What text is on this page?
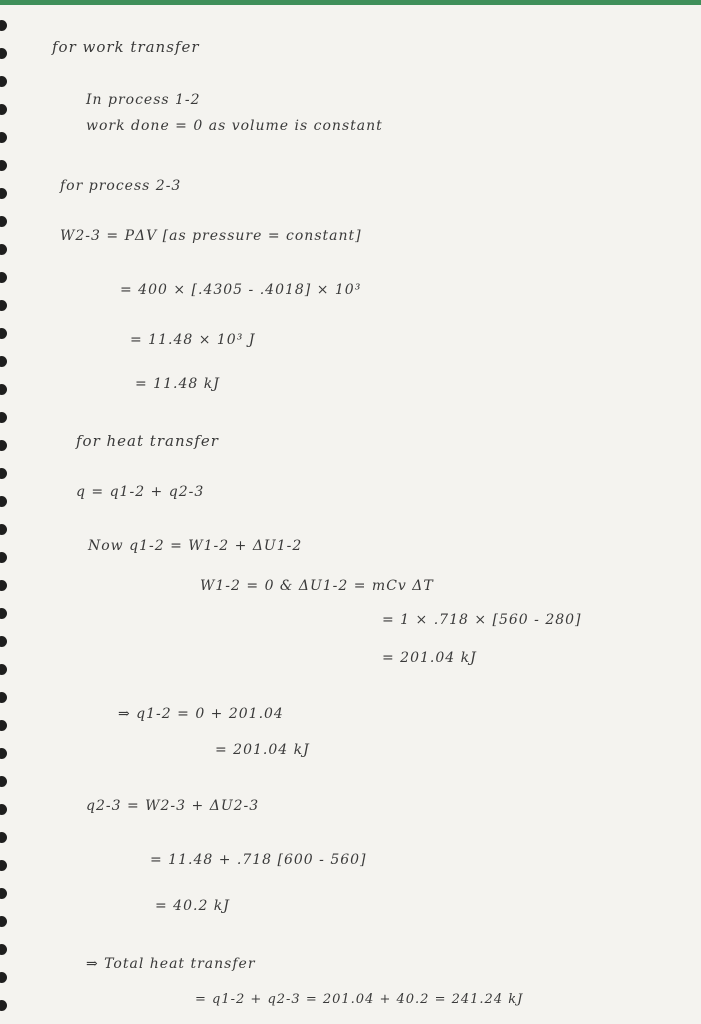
for work transfer
In process 1-2
work done = 0 as volume is constant
for process 2-3
W2-3 = PΔV [as pressure = constant]
= 400 × [.4305 - .4018] × 10³
= 11.48 × 10³ J
= 11.48 kJ
for heat transfer
q = q1-2 + q2-3
Now q1-2 = W1-2 + ΔU1-2
W1-2 = 0 & ΔU1-2 = mCv ΔT
= 1 × .718 × [560 - 280]
= 201.04 kJ
⇒ q1-2 = 0 + 201.04
= 201.04 kJ
q2-3 = W2-3 + ΔU2-3
= 11.48 + .718 [600 - 560]
= 40.2 kJ
⇒ Total heat transfer
= q1-2 + q2-3 = 201.04 + 40.2 = 241.24 kJ
